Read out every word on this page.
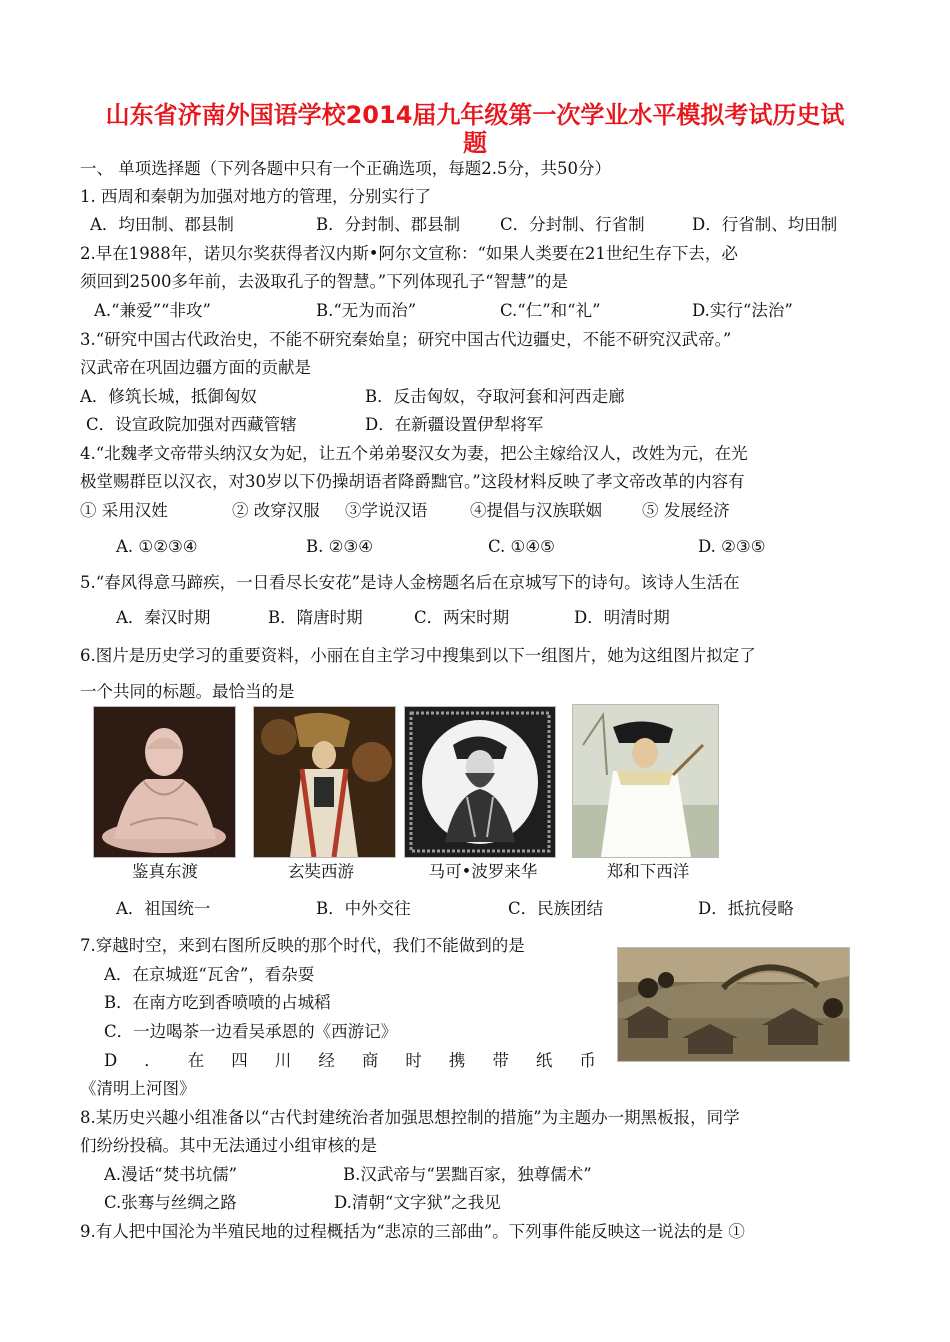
山东省济南外国语学校2014届九年级第一次学业水平模拟考试历史试
题
一、 单项选择题（下列各题中只有一个正确选项，每题2.5分，共50分）
1. 西周和秦朝为加强对地方的管理，分别实行了
A．均田制、郡县制	B．分封制、郡县制 C．分封制、行省制	D．行省制、均田制
2.早在1988年，诺贝尔奖获得者汉内斯•阿尔文宣称：“如果人类要在21世纪生存下去，必
须回到2500多年前，去汲取孔子的智慧。”下列体现孔子“智慧”的是
A.“兼爱”“非攻”	B.“无为而治”	C.“仁”和“礼”	D.实行“法治”
3.“研究中国古代政治史，不能不研究秦始皇；研究中国古代边疆史，不能不研究汉武帝。”
汉武帝在巩固边疆方面的贡献是
A．修筑长城，抵御匈奴	B．反击匈奴，夺取河套和河西走廊
C．设宣政院加强对西藏管辖	D．在新疆设置伊犁将军
4.“北魏孝文帝带头纳汉女为妃，让五个弟弟娶汉女为妻，把公主嫁给汉人，改姓为元，在光
极堂赐群臣以汉衣，对30岁以下仍操胡语者降爵黜官。”这段材料反映了孝文帝改革的内容有
① 采用汉姓	② 改穿汉服 ③学说汉语	④提倡与汉族联姻 ⑤ 发展经济
A. ①②③④	B. ②③④	C. ①④⑤	D. ②③⑤
5.“春风得意马蹄疾，一日看尽长安花”是诗人金榜题名后在京城写下的诗句。该诗人生活在
A．秦汉时期	B．隋唐时期	C．两宋时期	D．明清时期
6.图片是历史学习的重要资料，小丽在自主学习中搜集到以下一组图片，她为这组图片拟定了
一个共同的标题。最恰当的是
鉴真东渡	玄奘西游	马可•波罗来华	郑和下西洋
A．祖国统一	B．中外交往	C．民族团结	D．抵抗侵略
7.穿越时空，来到右图所反映的那个时代，我们不能做到的是
A．在京城逛“瓦舍”，看杂耍
B．在南方吃到香喷喷的占城稻
C．一边喝茶一边看吴承恩的《西游记》
D ． 在 四 川 经 商 时 携 带 纸 币
《清明上河图》
8.某历史兴趣小组准备以“古代封建统治者加强思想控制的措施”为主题办一期黑板报，同学
们纷纷投稿。其中无法通过小组审核的是
A.漫话“焚书坑儒”	B.汉武帝与“罢黜百家，独尊儒术”
C.张骞与丝绸之路	D.清朝“文字狱”之我见
9.有人把中国沦为半殖民地的过程概括为“悲凉的三部曲”。下列事件能反映这一说法的是 ①
